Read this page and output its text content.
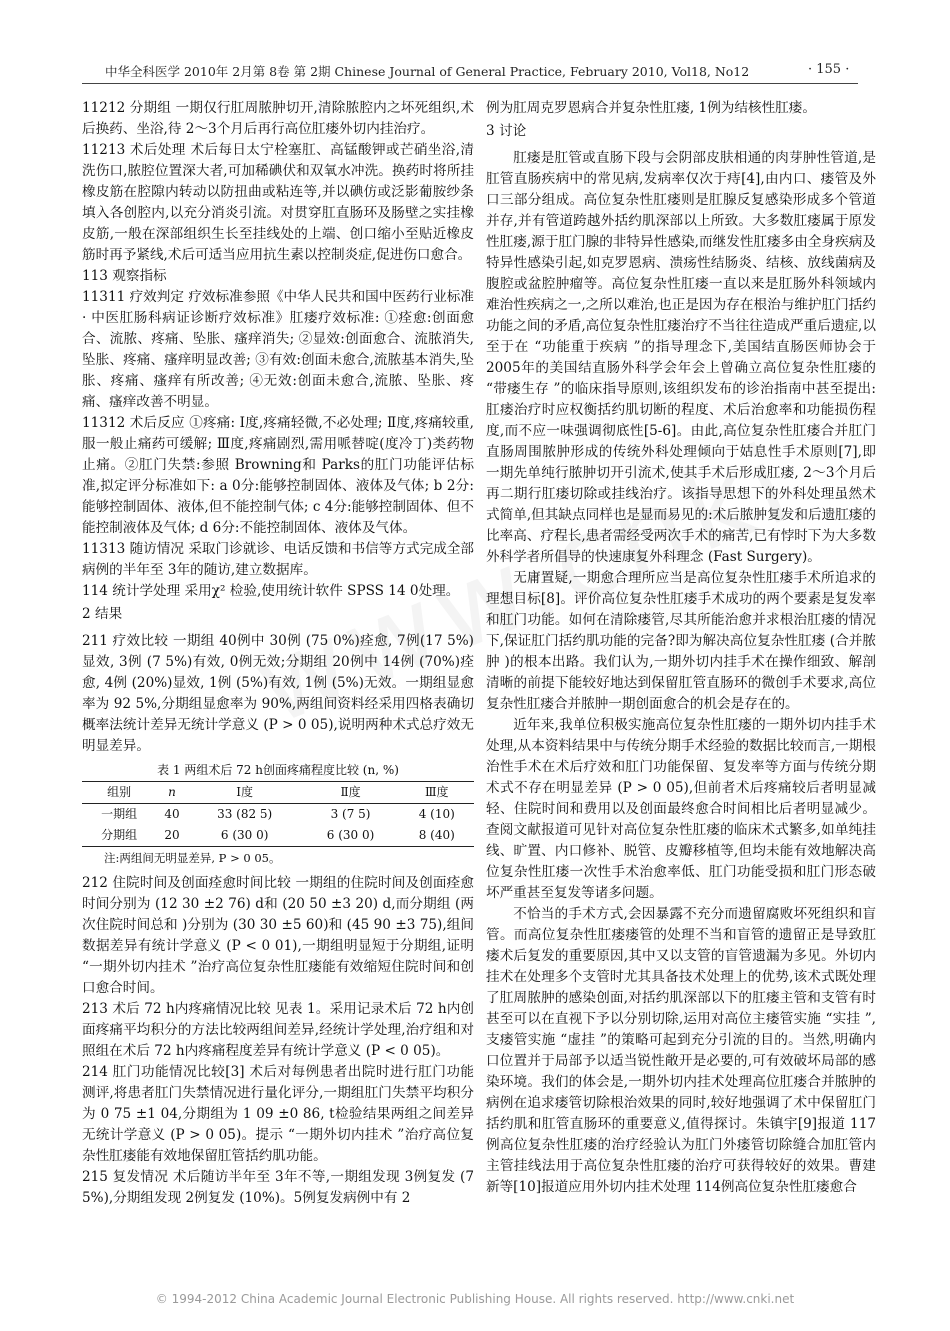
中华全科医学 2010年 2月第 8卷 第 2期 Chinese Journal of General Practice, February 2010, Vol18, No12	· 155 ·

11212 分期组 一期仅行肛周脓肿切开,清除脓腔内之坏死组织,术后换药、坐浴,待 2～3个月后再行高位肛瘘外切内挂治疗。

11213 术后处理 术后每日太宁栓塞肛、高锰酸钾或芒硝坐浴,清洗伤口,脓腔位置深大者,可加稀碘伏和双氧水冲洗。换药时将所挂橡皮筋在腔隙内转动以防扭曲或粘连等,并以碘仿或泛影葡胺纱条填入各创腔内,以充分消炎引流。对贯穿肛直肠环及肠壁之实挂橡皮筋,一般在深部组织生长至挂线处的上端、创口缩小至贴近橡皮筋时再予紧线,术后可适当应用抗生素以控制炎症,促进伤口愈合。

113 观察指标

11311 疗效判定 疗效标准参照《中华人民共和国中医药行业标准 · 中医肛肠科病证诊断疗效标准》肛瘘疗效标准: ①痊愈:创面愈合、流脓、疼痛、坠胀、瘙痒消失; ②显效:创面愈合、流脓消失,坠胀、疼痛、瘙痒明显改善; ③有效:创面未愈合,流脓基本消失,坠胀、疼痛、瘙痒有所改善; ④无效:创面未愈合,流脓、坠胀、疼痛、瘙痒改善不明显。

11312 术后反应 ①疼痛: Ⅰ度,疼痛轻微,不必处理; Ⅱ度,疼痛较重,服一般止痛药可缓解; Ⅲ度,疼痛剧烈,需用哌替啶(度冷丁)类药物止痛。②肛门失禁:参照 Browning和 Parks的肛门功能评估标准,拟定评分标准如下: a 0分:能够控制固体、液体及气体; b 2分:能够控制固体、液体,但不能控制气体; c 4分:能够控制固体、但不能控制液体及气体; d 6分:不能控制固体、液体及气体。

11313 随访情况 采取门诊就诊、电话反馈和书信等方式完成全部病例的半年至 3年的随访,建立数据库。

114 统计学处理 采用χ² 检验,使用统计软件 SPSS 14 0处理。

2 结果

211 疗效比较 一期组 40例中 30例 (75 0%)痊愈, 7例(17 5%)显效, 3例 (7 5%)有效, 0例无效;分期组 20例中 14例 (70%)痊愈, 4例 (20%)显效, 1例 (5%)有效, 1例 (5%)无效。一期组显愈率为 92 5%,分期组显愈率为 90%,两组间资料经采用四格表确切概率法统计差异无统计学意义 (P > 0 05),说明两种术式总疗效无明显差异。

表 1 两组术后 72 h创面疼痛程度比较 (n, %)
组别	n	Ⅰ度	Ⅱ度	Ⅲ度
一期组	40	33 (82 5)	3 (7 5)	4 (10)
分期组	20	6 (30 0)	6 (30 0)	8 (40)
注:两组间无明显差异, P > 0 05。

212 住院时间及创面痊愈时间比较 一期组的住院时间及创面痊愈时间分别为 (12 30 ±2 76) d和 (20 50 ±3 20) d,而分期组 (两次住院时间总和 )分别为 (30 30 ±5 60)和 (45 90 ±3 75),组间数据差异有统计学意义 (P < 0 01),一期组明显短于分期组,证明 “一期外切内挂术 ”治疗高位复杂性肛瘘能有效缩短住院时间和创口愈合时间。

213 术后 72 h内疼痛情况比较 见表 1。采用记录术后 72 h内创面疼痛平均积分的方法比较两组间差异,经统计学处理,治疗组和对照组在术后 72 h内疼痛程度差异有统计学意义 (P < 0 05)。

214 肛门功能情况比较[3] 术后对每例患者出院时进行肛门功能测评,将患者肛门失禁情况进行量化评分,一期组肛门失禁平均积分为 0 75 ±1 04,分期组为 1 09 ±0 86, t检验结果两组之间差异无统计学意义 (P > 0 05)。提示 “一期外切内挂术 ”治疗高位复杂性肛瘘能有效地保留肛管括约肌功能。

215 复发情况 术后随访半年至 3年不等,一期组发现 3例复发 (7 5%),分期组发现 2例复发 (10%)。5例复发病例中有 2

例为肛周克罗恩病合并复杂性肛瘘, 1例为结核性肛瘘。

3 讨论

肛瘘是肛管或直肠下段与会阴部皮肤相通的肉芽肿性管道,是肛管直肠疾病中的常见病,发病率仅次于痔[4],由内口、瘘管及外口三部分组成。高位复杂性肛瘘则是肛腺反复感染形成多个管道并存,并有管道跨越外括约肌深部以上所致。大多数肛瘘属于原发性肛瘘,源于肛门腺的非特异性感染,而继发性肛瘘多由全身疾病及特异性感染引起,如克罗恩病、溃疡性结肠炎、结核、放线菌病及腹腔或盆腔肿瘤等。高位复杂性肛瘘一直以来是肛肠外科领域内难治性疾病之一,之所以难治,也正是因为存在根治与维护肛门括约功能之间的矛盾,高位复杂性肛瘘治疗不当往往造成严重后遗症,以至于在 “功能重于疾病 ”的指导理念下,美国结直肠医师协会于 2005年的美国结直肠外科学会年会上曾确立高位复杂性肛瘘的 “带瘘生存 ”的临床指导原则,该组织发布的诊治指南中甚至提出:肛瘘治疗时应权衡括约肌切断的程度、术后治愈率和功能损伤程度,而不应一味强调彻底性[5-6]。由此,高位复杂性肛瘘合并肛门直肠周围脓肿形成的传统外科处理倾向于姑息性手术原则[7],即一期先单纯行脓肿切开引流术,使其手术后形成肛瘘, 2～3个月后再二期行肛瘘切除或挂线治疗。该指导思想下的外科处理虽然术式简单,但其缺点同样也是显而易见的:术后脓肿复发和后遗肛瘘的比率高、疗程长,患者需经受两次手术的痛苦,已有悖时下为大多数外科学者所倡导的快速康复外科理念 (Fast Surgery)。

无庸置疑,一期愈合理所应当是高位复杂性肛瘘手术所追求的理想目标[8]。评价高位复杂性肛瘘手术成功的两个要素是复发率和肛门功能。如何在清除瘘管,尽其所能治愈并求根治肛瘘的情况下,保证肛门括约肌功能的完备?即为解决高位复杂性肛瘘 (合并脓肿 )的根本出路。我们认为,一期外切内挂手术在操作细致、解剖清晰的前提下能较好地达到保留肛管直肠环的微创手术要求,高位复杂性肛瘘合并脓肿一期创面愈合的机会是存在的。

近年来,我单位积极实施高位复杂性肛瘘的一期外切内挂手术处理,从本资料结果中与传统分期手术经验的数据比较而言,一期根治性手术在术后疗效和肛门功能保留、复发率等方面与传统分期术式不存在明显差异 (P > 0 05),但前者术后疼痛较后者明显减轻、住院时间和费用以及创面最终愈合时间相比后者明显减少。查阅文献报道可见针对高位复杂性肛瘘的临床术式繁多,如单纯挂线、旷置、内口修补、脱管、皮瓣移植等,但均未能有效地解决高位复杂性肛瘘一次性手术治愈率低、肛门功能受损和肛门形态破坏严重甚至复发等诸多问题。

不恰当的手术方式,会因暴露不充分而遗留腐败坏死组织和盲管。而高位复杂性肛瘘瘘管的处理不当和盲管的遗留正是导致肛瘘术后复发的重要原因,其中又以支管的盲管遗漏为多见。外切内挂术在处理多个支管时尤其具备技术处理上的优势,该术式既处理了肛周脓肿的感染创面,对括约肌深部以下的肛瘘主管和支管有时甚至可以在直视下予以分别切除,运用对高位主瘘管实施 “实挂 ”,支瘘管实施 “虚挂 ”的策略可起到充分引流的目的。当然,明确内口位置并于局部予以适当锐性敞开是必要的,可有效破坏局部的感染环境。我们的体会是,一期外切内挂术处理高位肛瘘合并脓肿的病例在追求瘘管切除根治效果的同时,较好地强调了术中保留肛门括约肌和肛管直肠环的重要意义,值得探讨。朱镇宇[9]报道 117例高位复杂性肛瘘的治疗经验认为肛门外瘘管切除缝合加肛管内主管挂线法用于高位复杂性肛瘘的治疗可获得较好的效果。曹建新等[10]报道应用外切内挂术处理 114例高位复杂性肛瘘愈合

© 1994-2012 China Academic Journal Electronic Publishing House. All rights reserved. http://www.cnki.net
